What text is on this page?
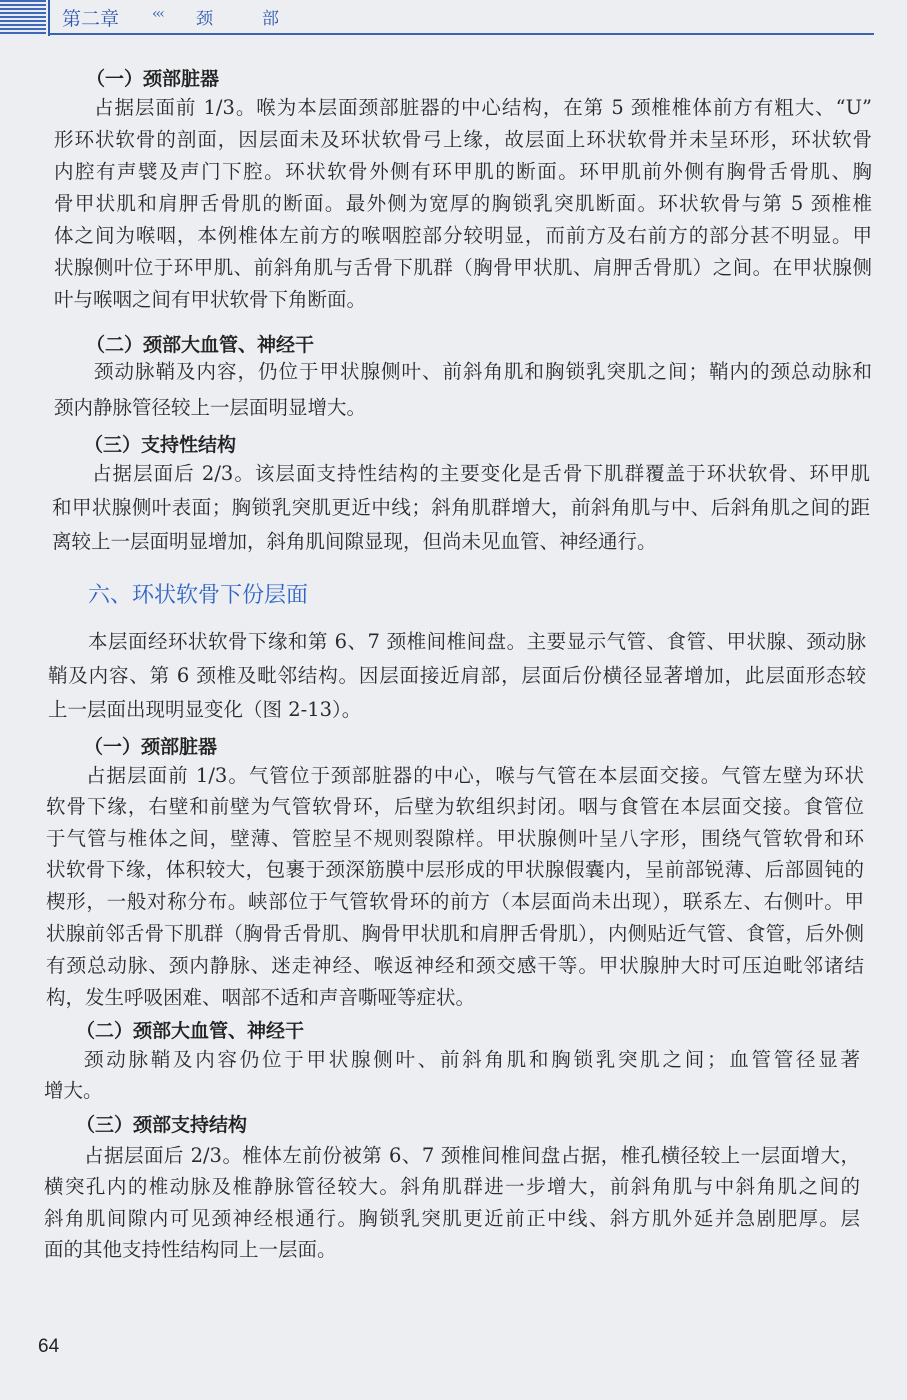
第二章 ‹‹‹ 颈	部
（一）颈部脏器
占据层面前 1/3。喉为本层面颈部脏器的中心结构，在第 5 颈椎椎体前方有粗大、“U”
形环状软骨的剖面，因层面未及环状软骨弓上缘，故层面上环状软骨并未呈环形，环状软骨
内腔有声襞及声门下腔。环状软骨外侧有环甲肌的断面。环甲肌前外侧有胸骨舌骨肌、胸
骨甲状肌和肩胛舌骨肌的断面。最外侧为宽厚的胸锁乳突肌断面。环状软骨与第 5 颈椎椎
体之间为喉咽，本例椎体左前方的喉咽腔部分较明显，而前方及右前方的部分甚不明显。甲
状腺侧叶位于环甲肌、前斜角肌与舌骨下肌群（胸骨甲状肌、肩胛舌骨肌）之间。在甲状腺侧
叶与喉咽之间有甲状软骨下角断面。
（二）颈部大血管、神经干
颈动脉鞘及内容，仍位于甲状腺侧叶、前斜角肌和胸锁乳突肌之间；鞘内的颈总动脉和
颈内静脉管径较上一层面明显增大。
（三）支持性结构
占据层面后 2/3。该层面支持性结构的主要变化是舌骨下肌群覆盖于环状软骨、环甲肌
和甲状腺侧叶表面；胸锁乳突肌更近中线；斜角肌群增大，前斜角肌与中、后斜角肌之间的距
离较上一层面明显增加，斜角肌间隙显现，但尚未见血管、神经通行。
六、环状软骨下份层面
本层面经环状软骨下缘和第 6、7 颈椎间椎间盘。主要显示气管、食管、甲状腺、颈动脉
鞘及内容、第 6 颈椎及毗邻结构。因层面接近肩部，层面后份横径显著增加，此层面形态较
上一层面出现明显变化（图 2-13）。
（一）颈部脏器
占据层面前 1/3。气管位于颈部脏器的中心，喉与气管在本层面交接。气管左壁为环状
软骨下缘，右壁和前壁为气管软骨环，后壁为软组织封闭。咽与食管在本层面交接。食管位
于气管与椎体之间，壁薄、管腔呈不规则裂隙样。甲状腺侧叶呈八字形，围绕气管软骨和环
状软骨下缘，体积较大，包裹于颈深筋膜中层形成的甲状腺假囊内，呈前部锐薄、后部圆钝的
楔形，一般对称分布。峡部位于气管软骨环的前方（本层面尚未出现），联系左、右侧叶。甲
状腺前邻舌骨下肌群（胸骨舌骨肌、胸骨甲状肌和肩胛舌骨肌），内侧贴近气管、食管，后外侧
有颈总动脉、颈内静脉、迷走神经、喉返神经和颈交感干等。甲状腺肿大时可压迫毗邻诸结
构，发生呼吸困难、咽部不适和声音嘶哑等症状。
（二）颈部大血管、神经干
颈动脉鞘及内容仍位于甲状腺侧叶、前斜角肌和胸锁乳突肌之间；血管管径显著
增大。
（三）颈部支持结构
占据层面后 2/3。椎体左前份被第 6、7 颈椎间椎间盘占据，椎孔横径较上一层面增大，
横突孔内的椎动脉及椎静脉管径较大。斜角肌群进一步增大，前斜角肌与中斜角肌之间的
斜角肌间隙内可见颈神经根通行。胸锁乳突肌更近前正中线、斜方肌外延并急剧肥厚。层
面的其他支持性结构同上一层面。
64
